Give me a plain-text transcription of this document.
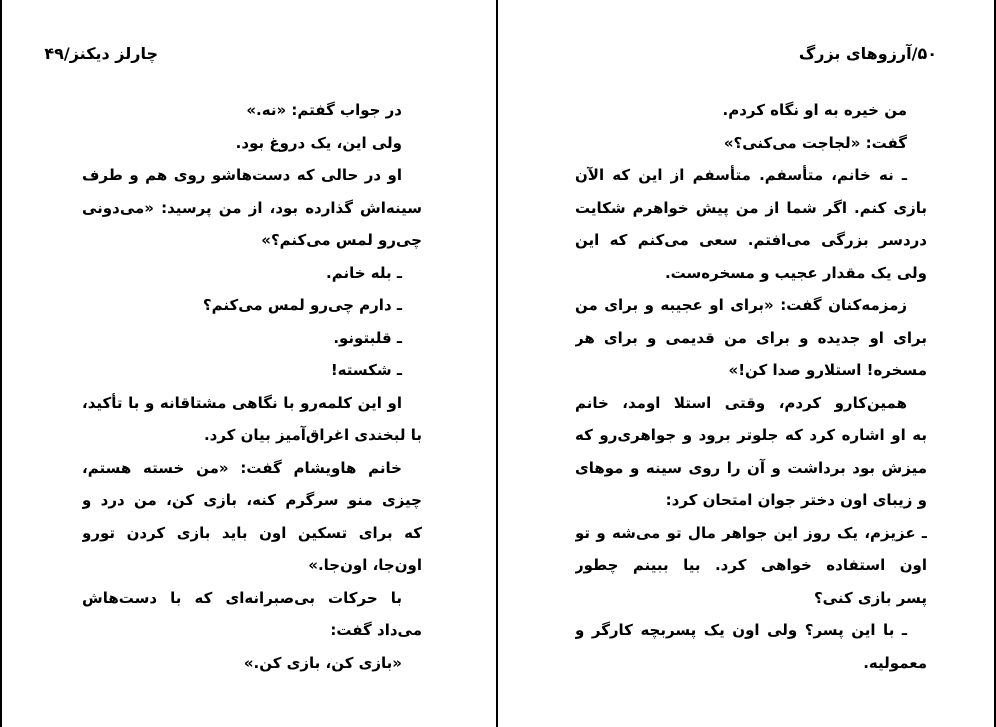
چارلز دیکنز/۴۹
در جواب گفتم: «نه.»
ولی این، یک دروغ بود.
او در حالی که دست‌هاشو روی هم و طرف
سینه‌اش گذارده بود، از من پرسید: «می‌دونی
چی‌رو لمس می‌کنم؟»
ـ بله خانم.
ـ دارم چی‌رو لمس می‌کنم؟
ـ قلبتونو.
ـ شکسته!
او این کلمه‌رو با نگاهی مشتاقانه و با تأکید،
با لبخندی اغراق‌آمیز بیان کرد.
خانم هاویشام گفت: «من خسته هستم،
چیزی منو سرگرم کنه، بازی کن، من درد و
که برای تسکین اون باید بازی کردن تورو
اون‌جا، اون‌جا.»
با حرکات بی‌صبرانه‌ای که با دست‌هاش
می‌داد گفت:
«بازی کن، بازی کن.»
۵۰/آرزوهای بزرگ
من خیره به او نگاه کردم.
گفت: «لجاجت می‌کنی؟»
ـ نه خانم، متأسفم. متأسفم از این که الآن
بازی کنم. اگر شما از من پیش خواهرم شکایت
دردسر بزرگی می‌افتم. سعی می‌کنم که این
ولی یک مقدار عجیب و مسخره‌ست.
زمزمه‌کنان گفت: «برای او عجیبه و برای من
برای او جدیده و برای من قدیمی و برای هر
مسخره! استلارو صدا کن!»
همین‌کارو کردم، وقتی استلا اومد، خانم
به او اشاره کرد که جلوتر برود و جواهری‌رو که
میزش بود برداشت و آن را روی سینه و موهای
و زیبای اون دختر جوان امتحان کرد:
ـ عزیزم، یک روز این جواهر مال تو می‌شه و تو
اون استفاده خواهی کرد. بیا ببینم چطور
پسر بازی کنی؟
ـ با این پسر؟ ولی اون یک پسربچه کارگر و
معمولیه.
